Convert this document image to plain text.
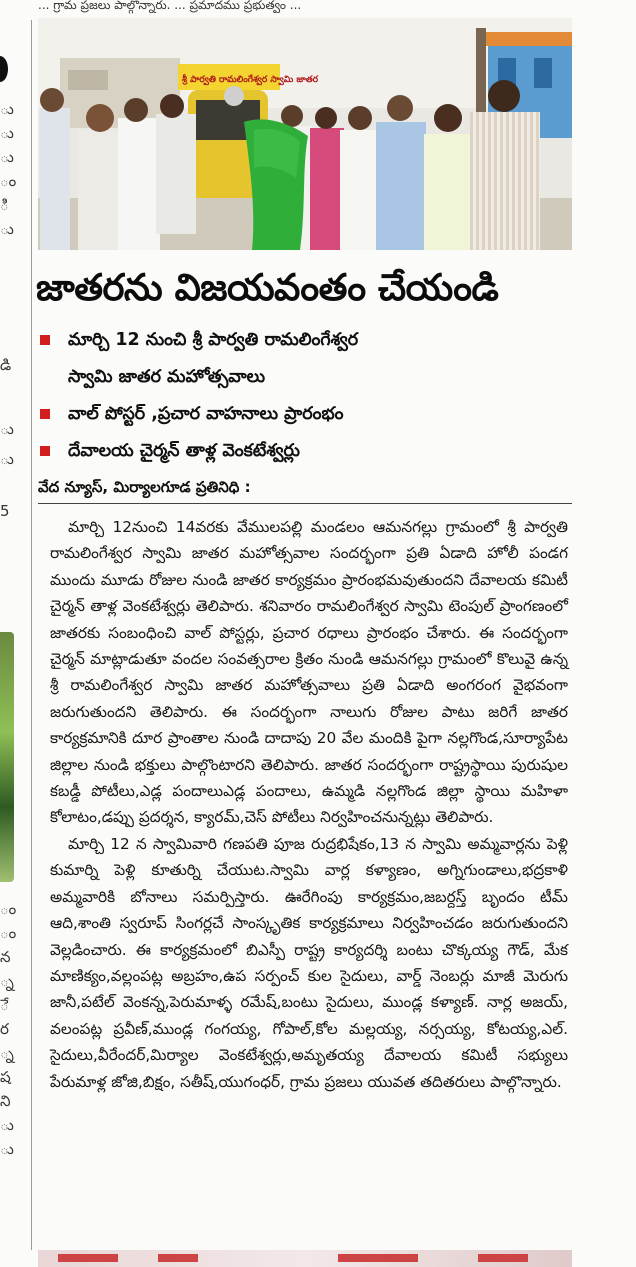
... గ్రామ ప్రజలు పాల్గొన్నారు. ... ప్రమాదము ప్రభుత్వం ...
ు
ు
ు
ం
ి
ు
డి
ు
ు
5
ం
ం
న
్న
ే
ర
్న
ష
ని
ు
ు
శ్రీ పార్వతి రామలింగేశ్వర స్వామి జాతర
జాతరను విజయవంతం చేయండి
మార్చి 12 నుంచి శ్రీ పార్వతి రామలింగేశ్వర
స్వామి జాతర మహోత్సవాలు
వాల్ పోస్టర్ ,ప్రచార వాహనాలు ప్రారంభం
దేవాలయ చైర్మన్ తాళ్ల వెంకటేశ్వర్లు
వేద న్యూస్, మిర్యాలగూడ ప్రతినిధి :

మార్చి 12నుంచి 14వరకు వేములపల్లి మండలం ఆమనగల్లు గ్రామంలో శ్రీ పార్వతి రామలింగేశ్వర స్వామి జాతర మహోత్సవాల సందర్భంగా ప్రతి ఏడాది హోలీ పండగ ముందు మూడు రోజుల నుండి జాతర కార్యక్రమం ప్రారంభమవుతుందని దేవాలయ కమిటీ చైర్మన్ తాళ్ల వెంకటేశ్వర్లు తెలిపారు. శనివారం రామలింగేశ్వర స్వామి టెంపుల్ ప్రాంగణంలో జాతరకు సంబంధించి వాల్ పోస్టర్లు, ప్రచార రధాలు ప్రారంభం చేశారు. ఈ సందర్భంగా చైర్మన్ మాట్లాడుతూ వందల సంవత్సరాల క్రితం నుండి ఆమనగల్లు గ్రామంలో కొలువై ఉన్న శ్రీ రామలింగేశ్వర స్వామి జాతర మహోత్సవాలు ప్రతి ఏడాది అంగరంగ వైభవంగా జరుగుతుందని తెలిపారు. ఈ సందర్భంగా నాలుగు రోజుల పాటు జరిగే జాతర కార్యక్రమానికి దూర ప్రాంతాల నుండి దాదాపు 20 వేల మందికి పైగా నల్లగొండ,సూర్యాపేట జిల్లాల నుండి భక్తులు పాల్గొంటారని తెలిపారు. జాతర సందర్భంగా రాష్ట్రస్థాయి పురుషుల కబడ్డీ పోటీలు,ఎడ్ల పందాలుఎడ్ల పందాలు, ఉమ్మడి నల్లగొండ జిల్లా స్థాయి మహిళా కోలాటం,డప్పు ప్రదర్శన, క్యారమ్,చెస్ పోటీలు నిర్వహించనున్నట్లు తెలిపారు.

మార్చి 12 న స్వామివారి గణపతి పూజ రుద్రభిషేకం,13 న స్వామి అమ్మవార్లను పెళ్లి కుమార్ని పెళ్లి కూతుర్ని చేయుట.స్వామి వార్ల కళ్యాణం, అగ్నిగుండాలు,భద్రకాళి అమ్మవారికి బోనాలు సమర్పిస్తారు. ఊరేగింపు కార్యక్రమం,జబర్దస్త్ బృందం టీమ్ ఆది,శాంతి స్వరూప్ సింగర్లచే సాంస్కృతిక కార్యక్రమాలు నిర్వహించడం జరుగుతుందని వెల్లడించారు. ఈ కార్యక్రమంలో బిఎస్పీ రాష్ట్ర కార్యదర్శి బంటు చొక్కయ్య గౌడ్, మేక మాణిక్యం,వల్లంపట్ల అబ్రహం,ఉప సర్పంచ్ కుల సైదులు, వార్డ్ నెంబర్లు మాజీ మెరుగు జానీ,పటేల్ వెంకన్న,పెరుమాళ్ళ రమేష్,బంటు సైదులు, ముండ్ల కళ్యాణ్. నార్ల అజయ్, వలంపట్ల ప్రవీణ్,ముండ్ల గంగయ్య, గోపాల్,కోల మల్లయ్య, నర్సయ్య, కోటయ్య,ఎల్. సైదులు,వీరేందర్,మిర్యాల వెంకటేశ్వర్లు,అమృతయ్య దేవాలయ కమిటీ సభ్యులు పేరుమాళ్ల జోజి,బిక్షం, సతీష్,యుగంధర్, గ్రామ ప్రజలు యువత తదితరులు పాల్గొన్నారు.
